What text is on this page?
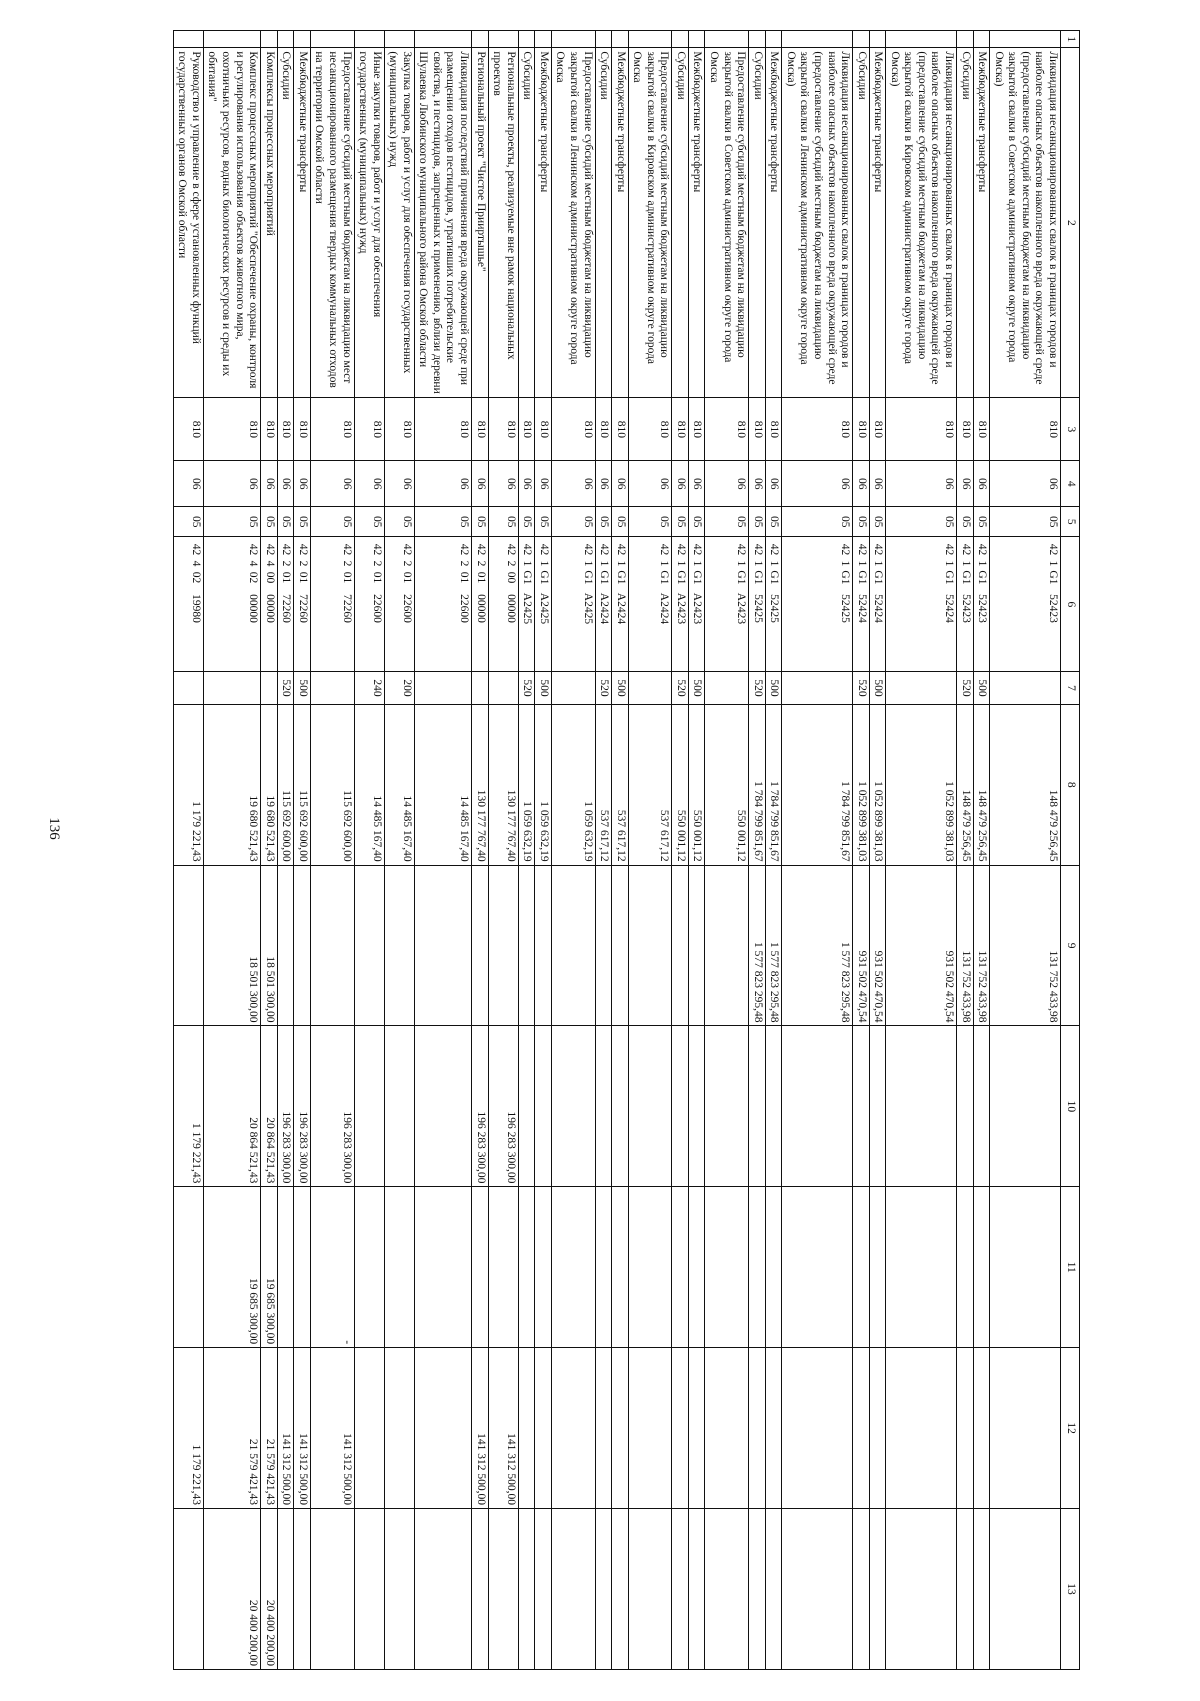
136
1	2	3	4	5	6	7	8	9	10	11	12	13
	Ликвидация несанкционированных свалок в границах городов и наиболее опасных объектов накопленного вреда окружающей среде (предоставление субсидий местным бюджетам на ликвидацию закрытой свалки в Советском административном округе города Омска)	810	06	05	421G152423		148 479 256,45	131 752 433,98				
	Межбюджетные трансферты	810	06	05	421G152423	500	148 479 256,45	131 752 433,98				
	Субсидии	810	06	05	421G152423	520	148 479 256,45	131 752 433,98				
	Ликвидация несанкционированных свалок в границах городов и наиболее опасных объектов накопленного вреда окружающей среде (предоставление субсидий местным бюджетам на ликвидацию закрытой свалки в Кировском административном округе города Омска)	810	06	05	421G152424		1 052 899 381,03	931 502 470,54				
	Межбюджетные трансферты	810	06	05	421G152424	500	1 052 899 381,03	931 502 470,54				
	Субсидии	810	06	05	421G152424	520	1 052 899 381,03	931 502 470,54				
	Ликвидация несанкционированных свалок в границах городов и наиболее опасных объектов накопленного вреда окружающей среде (предоставление субсидий местным бюджетам на ликвидацию закрытой свалки в Ленинском административном округе города Омска)	810	06	05	421G152425		1 784 799 851,67	1 577 823 295,48				
	Межбюджетные трансферты	810	06	05	421G152425	500	1 784 799 851,67	1 577 823 295,48				
	Субсидии	810	06	05	421G152425	520	1 784 799 851,67	1 577 823 295,48				
	Предоставление субсидий местным бюджетам на ликвидацию закрытой свалки в Советском административном округе города Омска	810	06	05	421G1A2423		550 001,12					
	Межбюджетные трансферты	810	06	05	421G1A2423	500	550 001,12					
	Субсидии	810	06	05	421G1A2423	520	550 001,12					
	Предоставление субсидий местным бюджетам на ликвидацию закрытой свалки в Кировском административном округе города Омска	810	06	05	421G1A2424		537 617,12					
	Межбюджетные трансферты	810	06	05	421G1A2424	500	537 617,12					
	Субсидии	810	06	05	421G1A2424	520	537 617,12					
	Предоставление субсидий местным бюджетам на ликвидацию закрытой свалки в Ленинском административном округе города Омска	810	06	05	421G1A2425		1 059 632,19					
	Межбюджетные трансферты	810	06	05	421G1A2425	500	1 059 632,19					
	Субсидии	810	06	05	421G1A2425	520	1 059 632,19					
	Региональные проекты, реализуемые вне рамок национальных проектов	810	06	05	4220000000		130 177 767,40		196 283 300,00		141 312 500,00	
	Региональный проект "Чистое Прииртышье"	810	06	05	4220100000		130 177 767,40		196 283 300,00		141 312 500,00	
	Ликвидация последствий причинения вреда окружающей среде при размещении отходов пестицидов, утративших потребительские свойства, и пестицидов, запрещенных к применению, вблизи деревни Шулаевка Любинского муниципального района Омской области	810	06	05	4220122600		14 485 167,40					
	Закупка товаров, работ и услуг для обеспечения государственных (муниципальных) нужд	810	06	05	4220122600	200	14 485 167,40					
	Иные закупки товаров, работ и услуг для обеспечения государственных (муниципальных) нужд	810	06	05	4220122600	240	14 485 167,40					
	Предоставление субсидий местным бюджетам на ликвидацию мест несанкционированного размещения твердых коммунальных отходов на территории Омской области	810	06	05	4220172260		115 692 600,00		196 283 300,00	-	141 312 500,00	
	Межбюджетные трансферты	810	06	05	4220172260	500	115 692 600,00		196 283 300,00		141 312 500,00	
	Субсидии	810	06	05	4220172260	520	115 692 600,00		196 283 300,00		141 312 500,00	
	Комплексы процессных мероприятий	810	06	05	4240000000		19 680 521,43	18 501 300,00	20 864 521,43	19 685 300,00	21 579 421,43	20 400 200,00
	Комплекс процессных мероприятий "Обеспечение охраны, контроля и регулирования использования объектов животного мира, охотничьих ресурсов, водных биологических ресурсов и среды их обитания"	810	06	05	4240200000		19 680 521,43	18 501 300,00	20 864 521,43	19 685 300,00	21 579 421,43	20 400 200,00
	Руководство и управление в сфере установленных функций государственных органов Омской области	810	06	05	4240219980		1 179 221,43		1 179 221,43		1 179 221,43	
